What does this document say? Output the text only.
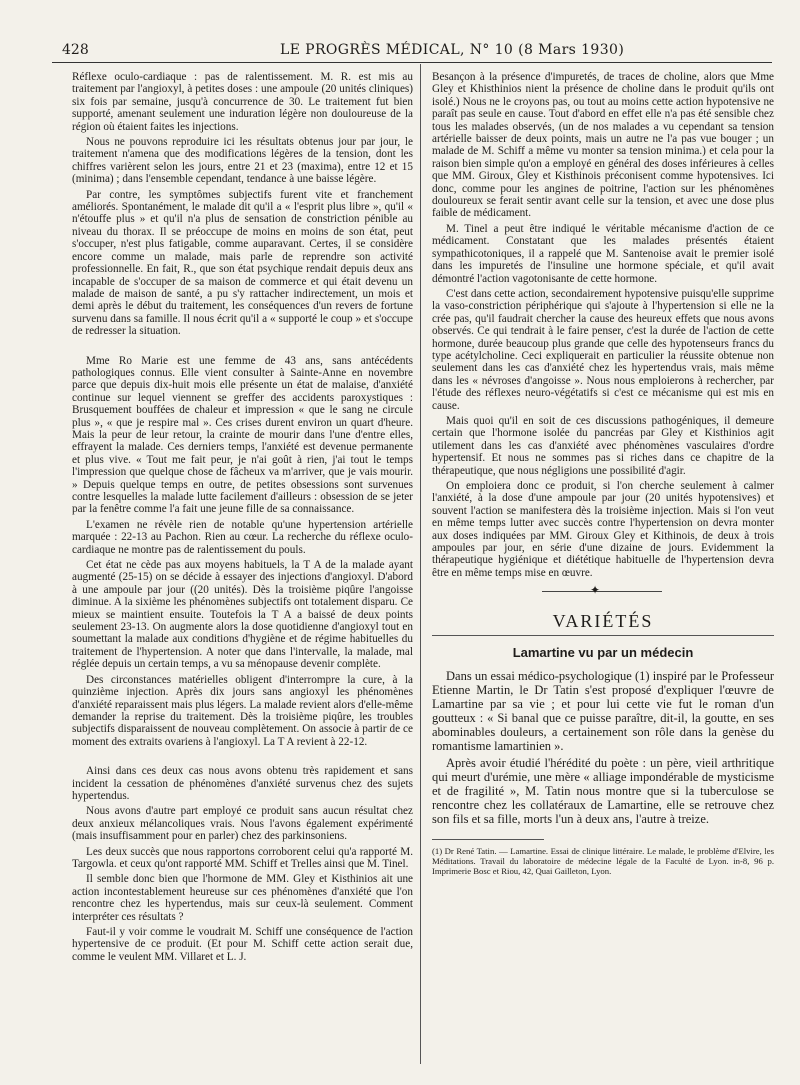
428	LE PROGRÈS MÉDICAL, N° 10 (8 Mars 1930)

Réflexe oculo-cardiaque : pas de ralentissement. M. R. est mis au traitement par l'angioxyl, à petites doses : une ampoule (20 unités cliniques) six fois par semaine, jusqu'à concurrence de 30. Le traitement fut bien supporté, amenant seulement une induration légère non douloureuse de la région où étaient faites les injections.

Nous ne pouvons reproduire ici les résultats obtenus jour par jour, le traitement n'amena que des modifications légères de la tension, dont les chiffres varièrent selon les jours, entre 21 et 23 (maxima), entre 12 et 15 (minima) ; dans l'ensemble cependant, tendance à une baisse légère.

Par contre, les symptômes subjectifs furent vite et franchement améliorés. Spontanément, le malade dit qu'il a « l'esprit plus libre », qu'il « n'étouffe plus » et qu'il n'a plus de sensation de constriction pénible au niveau du thorax. Il se préoccupe de moins en moins de son état, peut s'occuper, n'est plus fatigable, comme auparavant. Certes, il se considère encore comme un malade, mais parle de reprendre son activité professionnelle. En fait, R., que son état psychique rendait depuis deux ans incapable de s'occuper de sa maison de commerce et qui était devenu un malade de maison de santé, a pu s'y rattacher indirectement, un mois et demi après le début du traitement, les conséquences d'un revers de fortune survenu dans sa famille. Il nous écrit qu'il a « supporté le coup » et s'occupe de redresser la situation.

Mme Ro Marie est une femme de 43 ans, sans antécédents pathologiques connus. Elle vient consulter à Sainte-Anne en novembre parce que depuis dix-huit mois elle présente un état de malaise, d'anxiété continue sur lequel viennent se greffer des accidents paroxystiques : Brusquement bouffées de chaleur et impression « que le sang ne circule plus », « que je respire mal ». Ces crises durent environ un quart d'heure. Mais la peur de leur retour, la crainte de mourir dans l'une d'entre elles, effrayent la malade. Ces derniers temps, l'anxiété est devenue permanente et plus vive. « Tout me fait peur, je n'ai goût à rien, j'ai tout le temps l'impression que quelque chose de fâcheux va m'arriver, que je vais mourir. » Depuis quelque temps en outre, de petites obsessions sont survenues contre lesquelles la malade lutte facilement d'ailleurs : obsession de se jeter par la fenêtre comme l'a fait une jeune fille de sa connaissance.

L'examen ne révèle rien de notable qu'une hypertension artérielle marquée : 22-13 au Pachon. Rien au cœur. La recherche du réflexe oculo-cardiaque ne montre pas de ralentissement du pouls.

Cet état ne cède pas aux moyens habituels, la T A de la malade ayant augmenté (25-15) on se décide à essayer des injections d'angioxyl. D'abord à une ampoule par jour ((20 unités). Dès la troisième piqûre l'angoisse diminue. A la sixième les phénomènes subjectifs ont totalement disparu. Ce mieux se maintient ensuite. Toutefois la T A a baissé de deux points seulement 23-13. On augmente alors la dose quotidienne d'angioxyl tout en soumettant la malade aux conditions d'hygiène et de régime habituelles du traitement de l'hypertension. A noter que dans l'intervalle, la malade, mal réglée depuis un certain temps, a vu sa ménopause devenir complète.

Des circonstances matérielles obligent d'interrompre la cure, à la quinzième injection. Après dix jours sans angioxyl les phénomènes d'anxiété reparaissent mais plus légers. La malade revient alors d'elle-même demander la reprise du traitement. Dès la troisième piqûre, les troubles subjectifs disparaissent de nouveau complètement. On associe à partir de ce moment des extraits ovariens à l'angioxyl. La T A revient à 22-12.

Ainsi dans ces deux cas nous avons obtenu très rapidement et sans incident la cessation de phénomènes d'anxiété survenus chez des sujets hypertendus.

Nous avons d'autre part employé ce produit sans aucun résultat chez deux anxieux mélancoliques vrais. Nous l'avons également expérimenté (mais insuffisamment pour en parler) chez des parkinsoniens.

Les deux succès que nous rapportons corroborent celui qu'a rapporté M. Targowla. et ceux qu'ont rapporté MM. Schiff et Trelles ainsi que M. Tinel.

Il semble donc bien que l'hormone de MM. Gley et Kisthinios ait une action incontestablement heureuse sur ces phénomènes d'anxiété que l'on rencontre chez les hypertendus, mais sur ceux-là seulement. Comment interpréter ces résultats ?

Faut-il y voir comme le voudrait M. Schiff une conséquence de l'action hypertensive de ce produit. (Et pour M. Schiff cette action serait due, comme le veulent MM. Villaret et L. J.

Besançon à la présence d'impuretés, de traces de choline, alors que Mme Gley et Khisthinios nient la présence de choline dans le produit qu'ils ont isolé.) Nous ne le croyons pas, ou tout au moins cette action hypotensive ne paraît pas seule en cause. Tout d'abord en effet elle n'a pas été sensible chez tous les malades observés, (un de nos malades a vu cependant sa tension artérielle baisser de deux points, mais un autre ne l'a pas vue bouger ; un malade de M. Schiff a même vu monter sa tension minima.) et cela pour la raison bien simple qu'on a employé en général des doses inférieures à celles que MM. Giroux, Gley et Kisthinois préconisent comme hypotensives. Ici donc, comme pour les angines de poitrine, l'action sur les phénomènes douloureux se ferait sentir avant celle sur la tension, et avec une dose plus faible de médicament.

M. Tinel a peut être indiqué le véritable mécanisme d'action de ce médicament. Constatant que les malades présentés étaient sympathicotoniques, il a rappelé que M. Santenoise avait le premier isolé dans les impuretés de l'insuline une hormone spéciale, et qu'il avait démontré l'action vagotonisante de cette hormone.

C'est dans cette action, secondairement hypotensive puisqu'elle supprime la vaso-constriction périphérique qui s'ajoute à l'hypertension si elle ne la crée pas, qu'il faudrait chercher la cause des heureux effets que nous avons observés. Ce qui tendrait à le faire penser, c'est la durée de l'action de cette hormone, durée beaucoup plus grande que celle des hypotenseurs francs du type acétylcholine. Ceci expliquerait en particulier la réussite obtenue non seulement dans les cas d'anxiété chez les hypertendus vrais, mais même dans les « névroses d'angoisse ». Nous nous emploierons à rechercher, par l'étude des réflexes neuro-végétatifs si c'est ce mécanisme qui est mis en cause.

Mais quoi qu'il en soit de ces discussions pathogéniques, il demeure certain que l'hormone isolée du pancréas par Gley et Kisthinios agit utilement dans les cas d'anxiété avec phénomènes vasculaires d'ordre hypertensif. Et nous ne sommes pas si riches dans ce chapitre de la thérapeutique, que nous négligions une possibilité d'agir.

On emploiera donc ce produit, si l'on cherche seulement à calmer l'anxiété, à la dose d'une ampoule par jour (20 unités hypotensives) et souvent l'action se manifestera dès la troisième injection. Mais si l'on veut en même temps lutter avec succès contre l'hypertension on devra monter aux doses indiquées par MM. Giroux Gley et Kithinois, de deux à trois ampoules par jour, en série d'une dizaine de jours. Evidemment la thérapeutique hygiénique et diététique habituelle de l'hypertension devra être en même temps mise en œuvre.

✦
VARIÉTÉS
Lamartine vu par un médecin

Dans un essai médico-psychologique (1) inspiré par le Professeur Etienne Martin, le Dr Tatin s'est proposé d'expliquer l'œuvre de Lamartine par sa vie ; et pour lui cette vie fut le roman d'un goutteux : « Si banal que ce puisse paraître, dit-il, la goutte, en ses abominables douleurs, a certainement son rôle dans la genèse du romantisme lamartinien ».

Après avoir étudié l'hérédité du poète : un père, vieil arthritique qui meurt d'urémie, une mère « alliage impondérable de mysticisme et de fragilité », M. Tatin nous montre que si la tuberculose se rencontre chez les collatéraux de Lamartine, elle se retrouve chez son fils et sa fille, morts l'un à deux ans, l'autre à treize.

(1) Dr René Tatin. — Lamartine. Essai de clinique littéraire. Le malade, le problème d'Elvire, les Méditations. Travail du laboratoire de médecine légale de la Faculté de Lyon. in-8, 96 p. Imprimerie Bosc et Riou, 42, Quai Gailleton, Lyon.
